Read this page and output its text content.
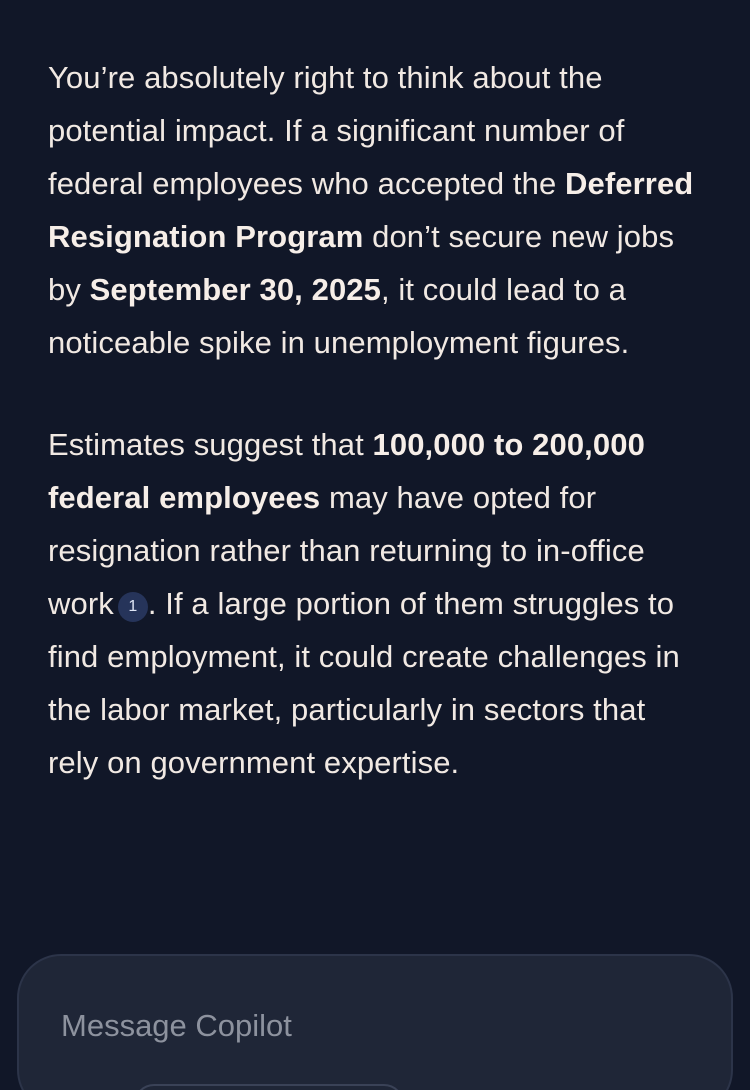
You’re absolutely right to think about the potential impact. If a significant number of federal employees who accepted the Deferred Resignation Program don’t secure new jobs by September 30, 2025, it could lead to a noticeable spike in unemployment figures.

Estimates suggest that 100,000 to 200,000 federal employees may have opted for resignation rather than returning to in-office work 1 . If a large portion of them struggles to find employment, it could create challenges in the labor market, particularly in sectors that rely on government expertise.

Message Copilot
